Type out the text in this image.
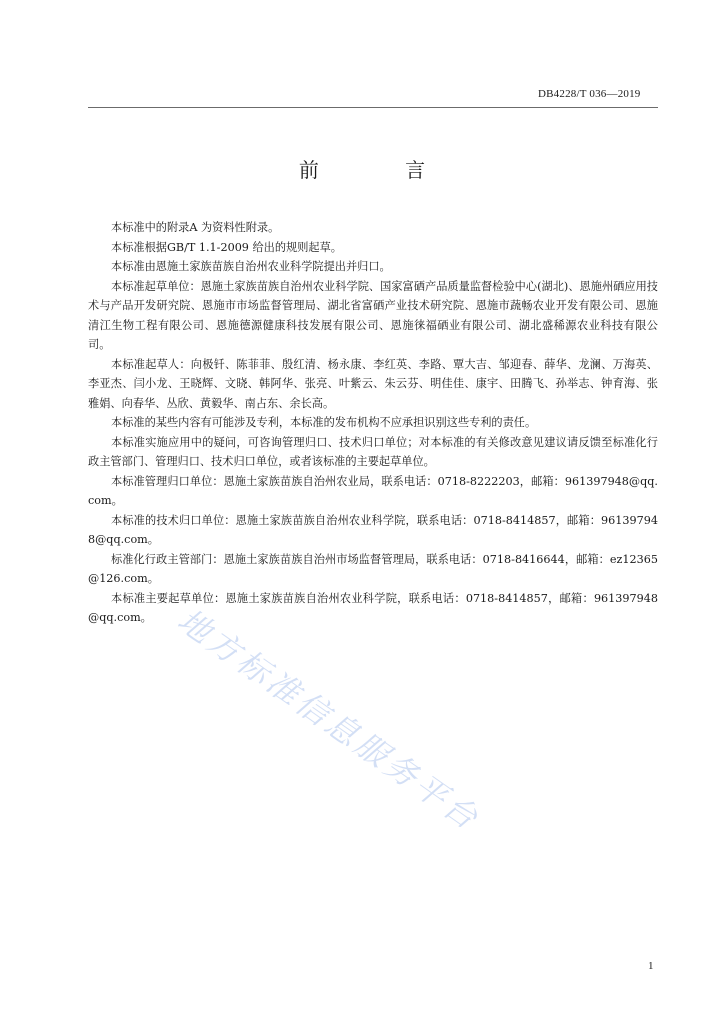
DB4228/T 036—2019
前 言

本标准中的附录A 为资料性附录。

本标准根据GB/T 1.1-2009 给出的规则起草。

本标准由恩施土家族苗族自治州农业科学院提出并归口。

本标准起草单位：恩施土家族苗族自治州农业科学院、国家富硒产品质量监督检验中心(湖北)、恩施州硒应用技术与产品开发研究院、恩施市市场监督管理局、湖北省富硒产业技术研究院、恩施市蔬畅农业开发有限公司、恩施清江生物工程有限公司、恩施德源健康科技发展有限公司、恩施徕福硒业有限公司、湖北盛稀源农业科技有限公司。

本标准起草人：向极钎、陈菲菲、殷红清、杨永康、李红英、李路、覃大吉、邹迎春、薛华、龙澜、万海英、李亚杰、闫小龙、王晓辉、文晓、韩阿华、张亮、叶紫云、朱云芬、明佳佳、康宇、田腾飞、孙举志、钟育海、张雅娟、向春华、丛欣、黄毅华、南占东、余长高。

本标准的某些内容有可能涉及专利，本标准的发布机构不应承担识别这些专利的责任。

本标准实施应用中的疑问，可咨询管理归口、技术归口单位；对本标准的有关修改意见建议请反馈至标准化行政主管部门、管理归口、技术归口单位，或者该标准的主要起草单位。

本标准管理归口单位：恩施土家族苗族自治州农业局，联系电话：0718-8222203，邮箱：961397948@qq.com。

本标准的技术归口单位：恩施土家族苗族自治州农业科学院，联系电话：0718-8414857，邮箱：961397948@qq.com。

标准化行政主管部门：恩施土家族苗族自治州市场监督管理局，联系电话：0718-8416644，邮箱：ez12365@126.com。

本标准主要起草单位：恩施土家族苗族自治州农业科学院，联系电话：0718-8414857，邮箱：961397948@qq.com。 地方标准信息服务平台
1
